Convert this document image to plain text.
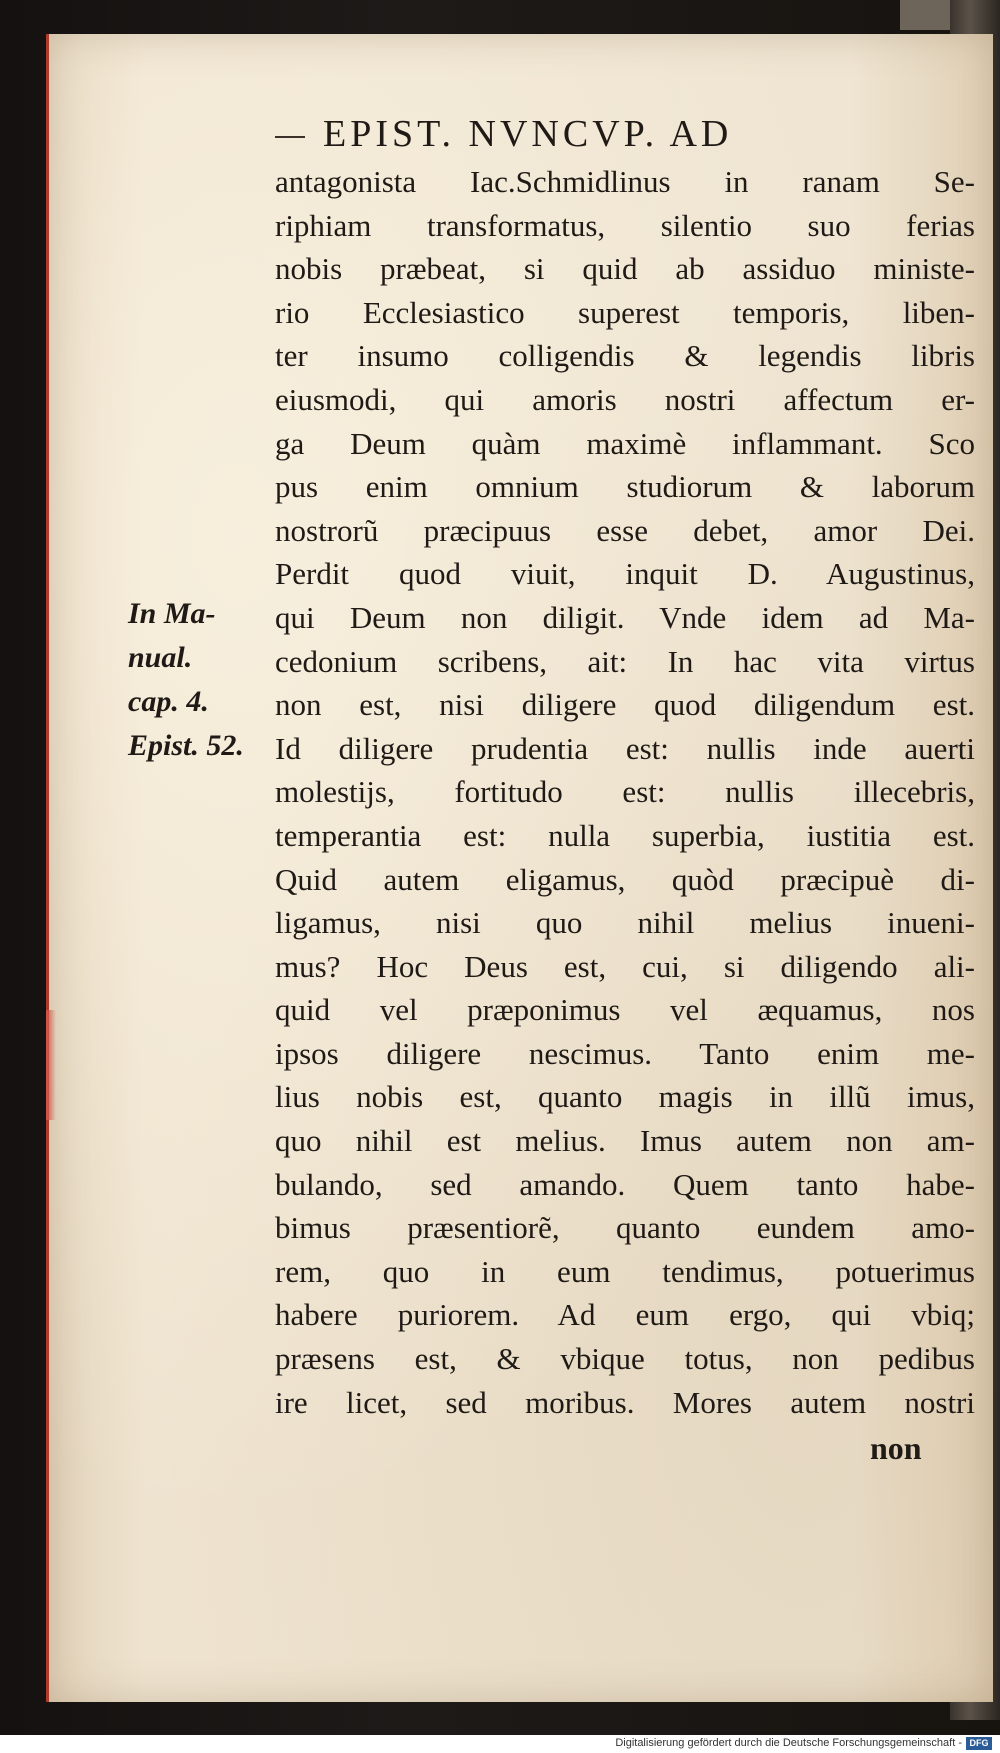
EPIST. NVNCVP. AD
In Ma-
nual.
cap. 4.
Epist. 52.
antagonista Iac.Schmidlinus in ranam Se-
riphiam transformatus, silentio suo ferias
nobis præbeat, si quid ab assiduo ministe-
rio Ecclesiastico superest temporis, liben-
ter insumo colligendis & legendis libris
eiusmodi, qui amoris nostri affectum er-
ga Deum quàm maximè inflammant. Sco
pus enim omnium studiorum & laborum
nostrorũ præcipuus esse debet, amor Dei.
Perdit quod viuit, inquit D. Augustinus,
qui Deum non diligit. Vnde idem ad Ma-
cedonium scribens, ait: In hac vita virtus
non est, nisi diligere quod diligendum est.
Id diligere prudentia est: nullis inde auerti
molestijs, fortitudo est: nullis illecebris,
temperantia est: nulla superbia, iustitia est.
Quid autem eligamus, quòd præcipuè di-
ligamus, nisi quo nihil melius inueni-
mus? Hoc Deus est, cui, si diligendo ali-
quid vel præponimus vel æquamus, nos
ipsos diligere nescimus. Tanto enim me-
lius nobis est, quanto magis in illũ imus,
quo nihil est melius. Imus autem non am-
bulando, sed amando. Quem tanto habe-
bimus præsentiorẽ, quanto eundem amo-
rem, quo in eum tendimus, potuerimus
habere puriorem. Ad eum ergo, qui vbiq;
præsens est, & vbique totus, non pedibus
ire licet, sed moribus. Mores autem nostri
non
Digitalisierung gefördert durch die Deutsche Forschungsgemeinschaft - DFG
